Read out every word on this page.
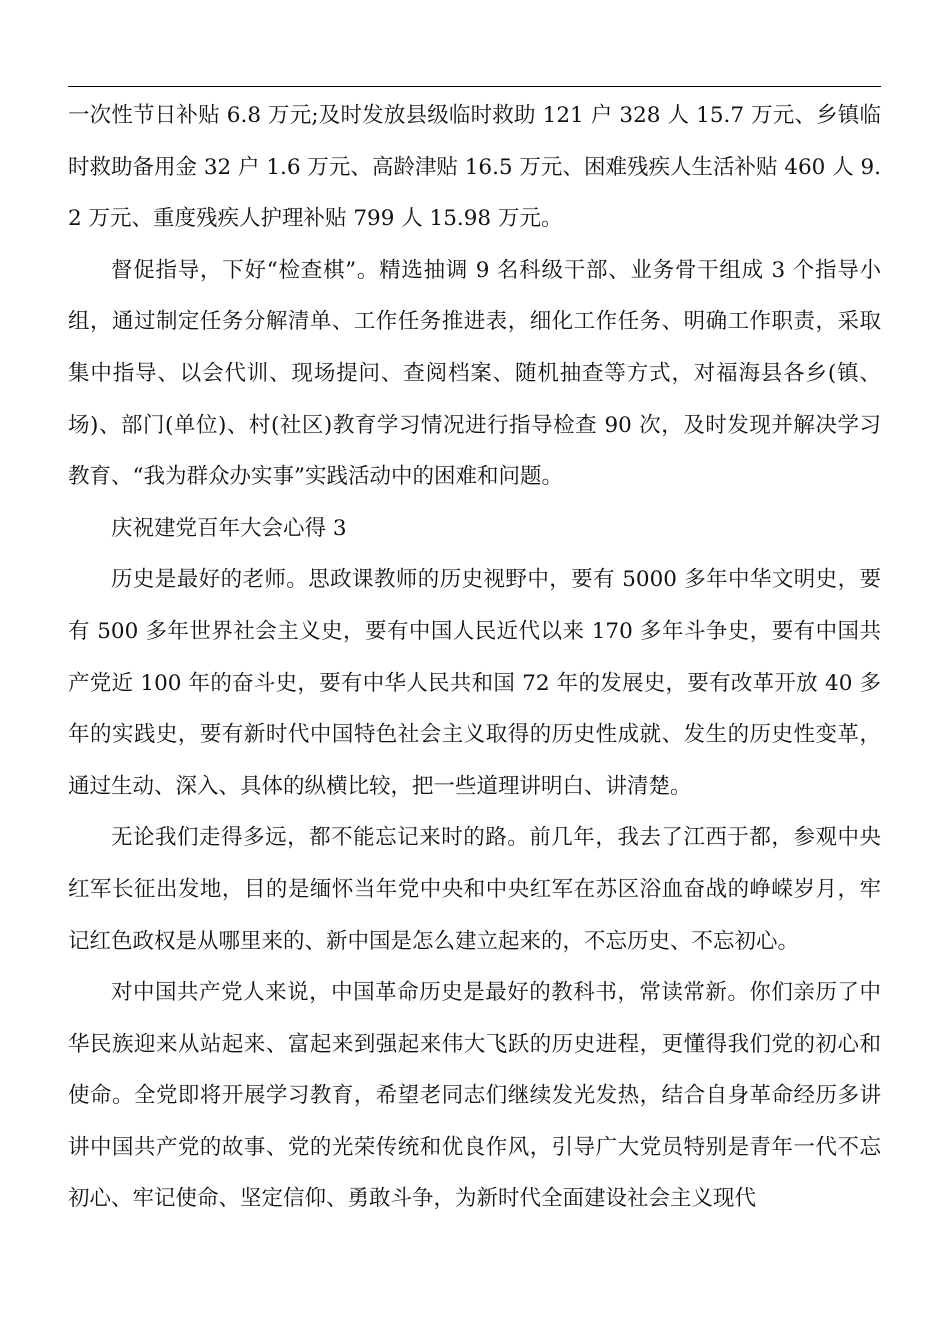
一次性节日补贴 6.8 万元;及时发放县级临时救助 121 户 328 人 15.7 万元、乡镇临时救助备用金 32 户 1.6 万元、高龄津贴 16.5 万元、困难残疾人生活补贴 460 人 9.2 万元、重度残疾人护理补贴 799 人 15.98 万元。

督促指导，下好“检查棋”。精选抽调 9 名科级干部、业务骨干组成 3 个指导小组，通过制定任务分解清单、工作任务推进表，细化工作任务、明确工作职责，采取集中指导、以会代训、现场提问、查阅档案、随机抽查等方式，对福海县各乡(镇、场)、部门(单位)、村(社区)教育学习情况进行指导检查 90 次，及时发现并解决学习教育、“我为群众办实事”实践活动中的困难和问题。

庆祝建党百年大会心得 3

历史是最好的老师。思政课教师的历史视野中，要有 5000 多年中华文明史，要有 500 多年世界社会主义史，要有中国人民近代以来 170 多年斗争史，要有中国共产党近 100 年的奋斗史，要有中华人民共和国 72 年的发展史，要有改革开放 40 多年的实践史，要有新时代中国特色社会主义取得的历史性成就、发生的历史性变革，通过生动、深入、具体的纵横比较，把一些道理讲明白、讲清楚。

无论我们走得多远，都不能忘记来时的路。前几年，我去了江西于都，参观中央红军长征出发地，目的是缅怀当年党中央和中央红军在苏区浴血奋战的峥嵘岁月，牢记红色政权是从哪里来的、新中国是怎么建立起来的，不忘历史、不忘初心。

对中国共产党人来说，中国革命历史是最好的教科书，常读常新。你们亲历了中华民族迎来从站起来、富起来到强起来伟大飞跃的历史进程，更懂得我们党的初心和使命。全党即将开展学习教育，希望老同志们继续发光发热，结合自身革命经历多讲讲中国共产党的故事、党的光荣传统和优良作风，引导广大党员特别是青年一代不忘初心、牢记使命、坚定信仰、勇敢斗争，为新时代全面建设社会主义现代
